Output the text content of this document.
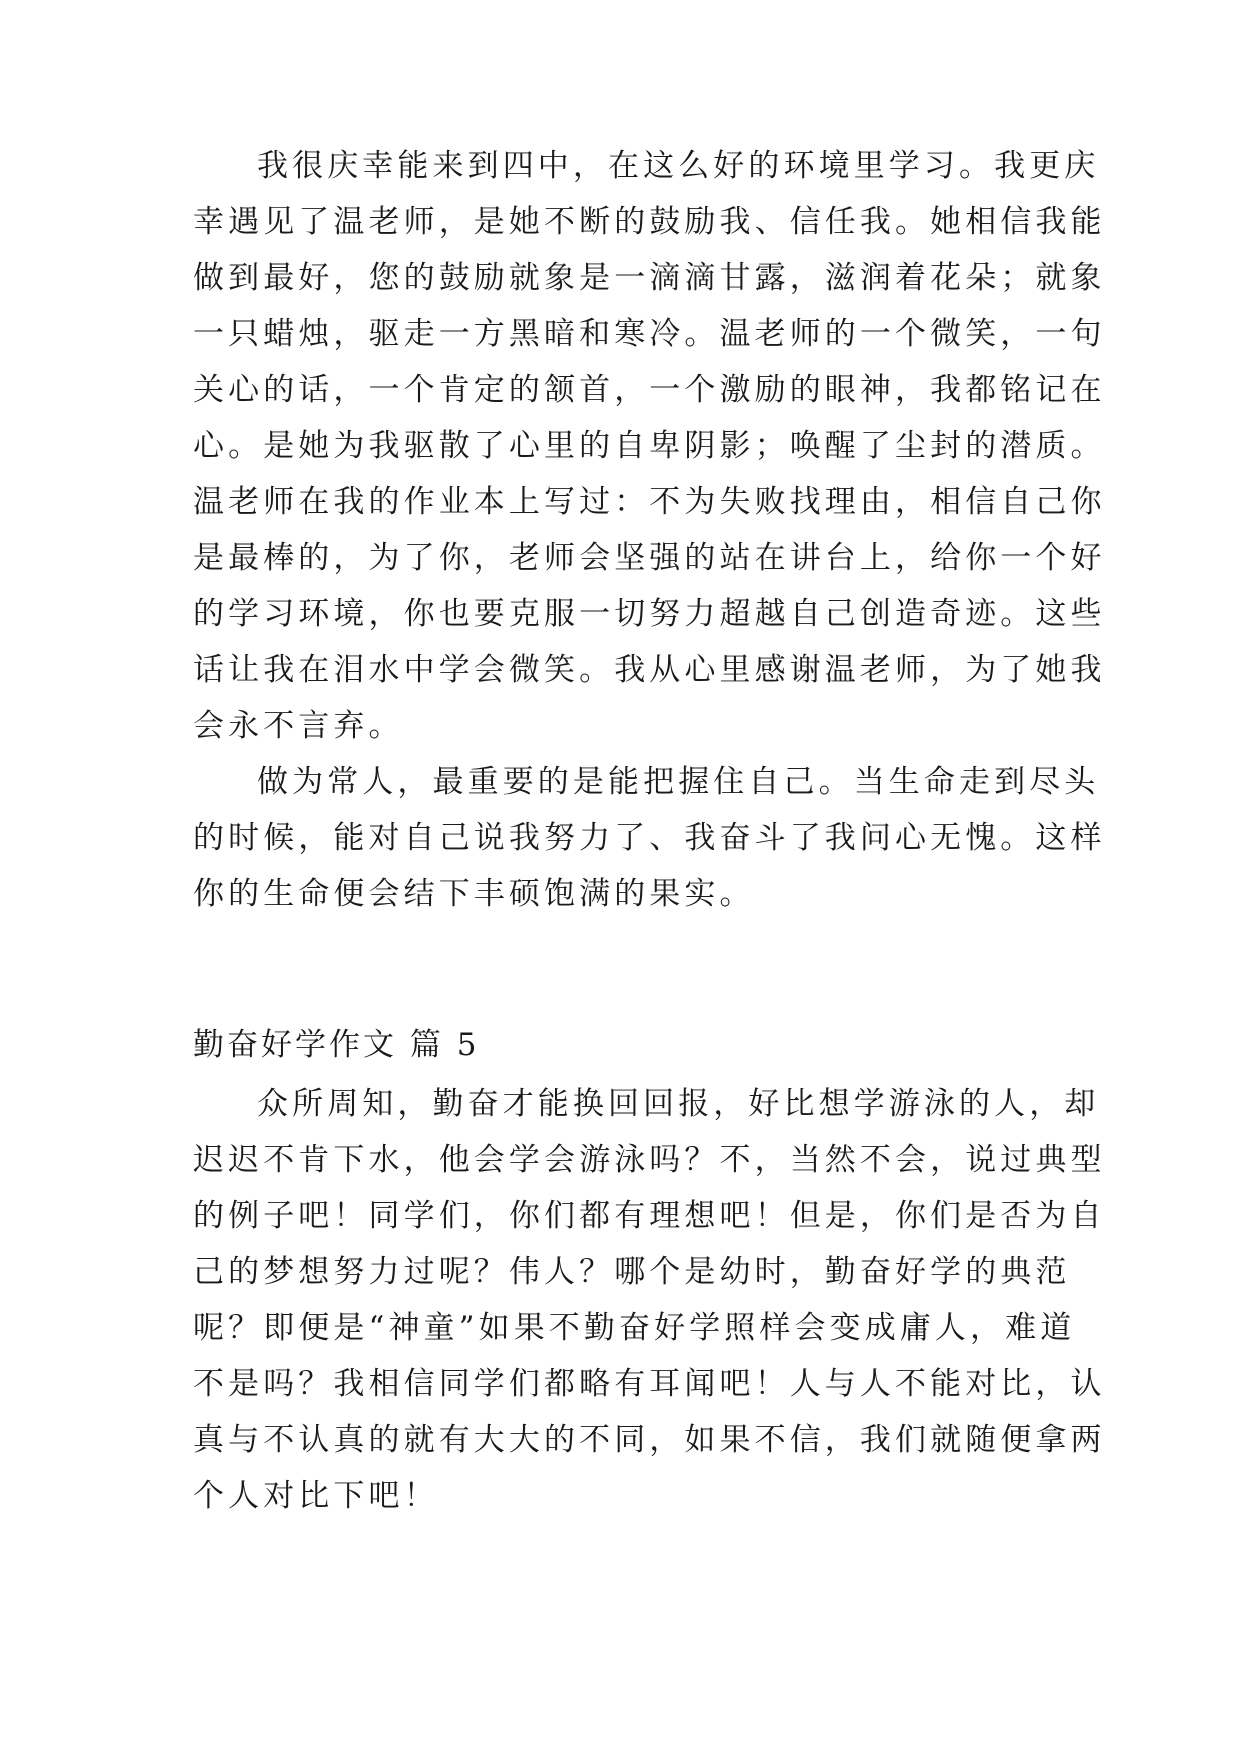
我很庆幸能来到四中，在这么好的环境里学习。我更庆
幸遇见了温老师，是她不断的鼓励我、信任我。她相信我能
做到最好，您的鼓励就象是一滴滴甘露，滋润着花朵；就象
一只蜡烛，驱走一方黑暗和寒冷。温老师的一个微笑，一句
关心的话，一个肯定的颔首，一个激励的眼神，我都铭记在
心。是她为我驱散了心里的自卑阴影；唤醒了尘封的潜质。
温老师在我的作业本上写过：不为失败找理由，相信自己你
是最棒的，为了你，老师会坚强的站在讲台上，给你一个好
的学习环境，你也要克服一切努力超越自己创造奇迹。这些
话让我在泪水中学会微笑。我从心里感谢温老师，为了她我
会永不言弃。
做为常人，最重要的是能把握住自己。当生命走到尽头
的时候，能对自己说我努力了、我奋斗了我问心无愧。这样
你的生命便会结下丰硕饱满的果实。
勤奋好学作文 篇 5
众所周知，勤奋才能换回回报，好比想学游泳的人，却
迟迟不肯下水，他会学会游泳吗？不，当然不会，说过典型
的例子吧！同学们，你们都有理想吧！但是，你们是否为自
己的梦想努力过呢？伟人？哪个是幼时，勤奋好学的典范
呢？即便是“神童”如果不勤奋好学照样会变成庸人，难道
不是吗？我相信同学们都略有耳闻吧！人与人不能对比，认
真与不认真的就有大大的不同，如果不信，我们就随便拿两
个人对比下吧！
